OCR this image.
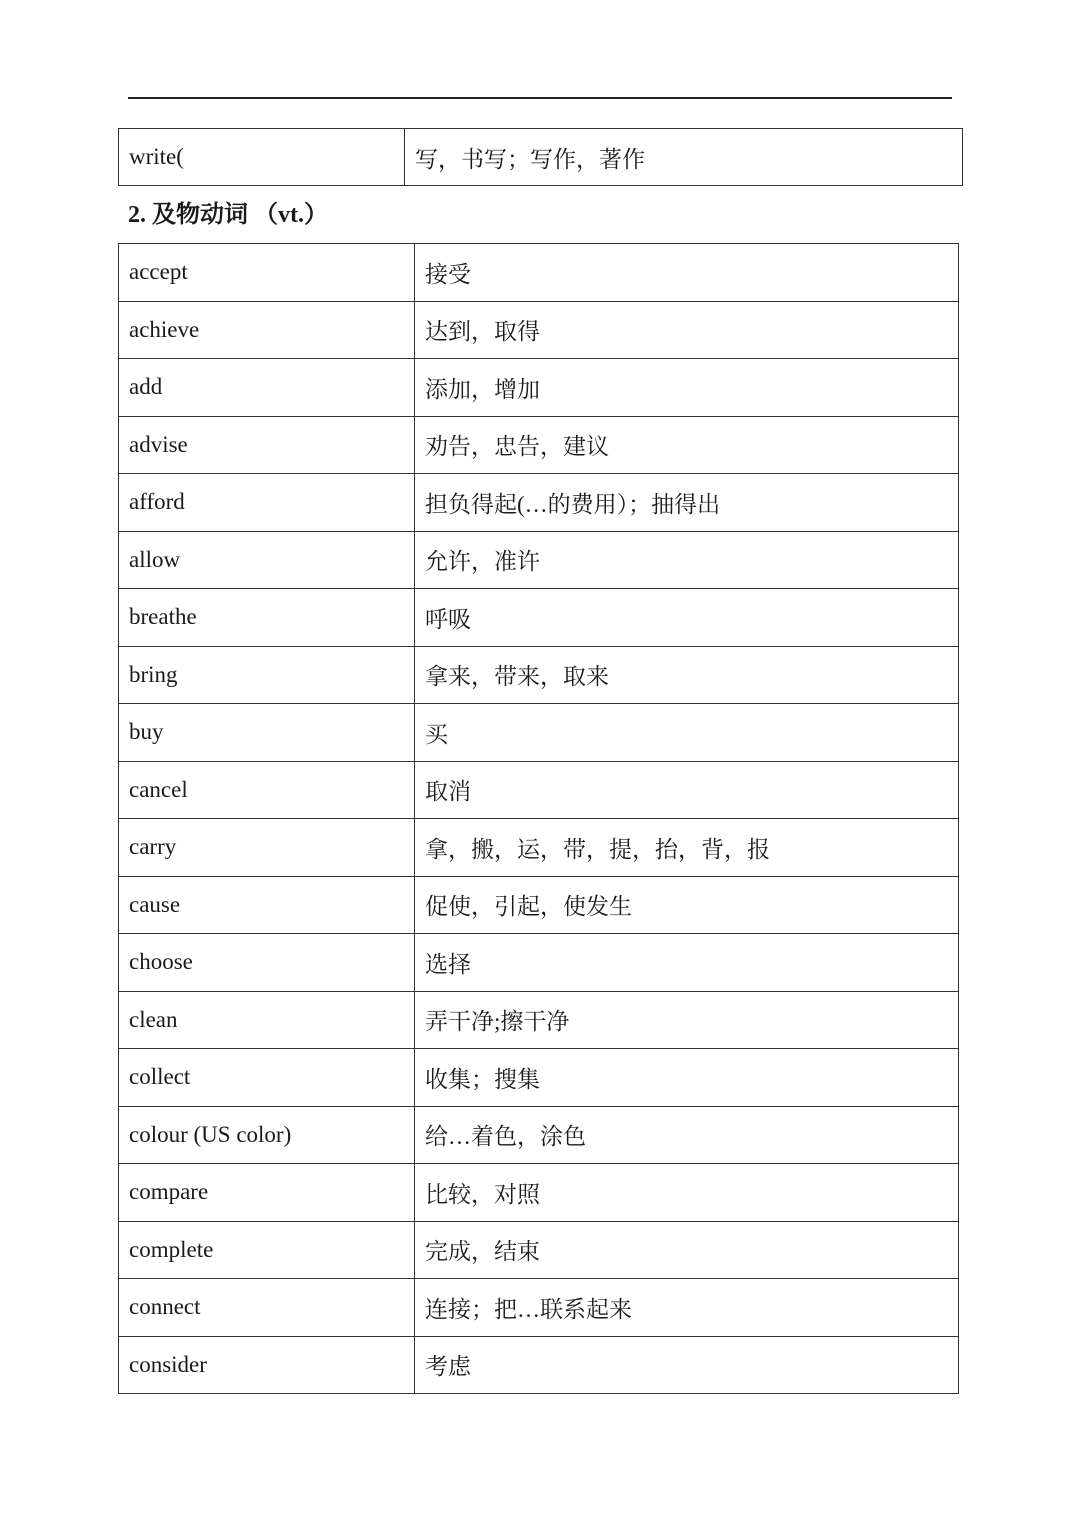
write(	写，书写；写作，著作
2. 及物动词 （vt.）
accept	接受
achieve	达到，取得
add	添加，增加
advise	劝告，忠告，建议
afford	担负得起(…的费用）；抽得出
allow	允许，准许
breathe	呼吸
bring	拿来，带来，取来
buy	买
cancel	取消
carry	拿，搬，运，带，提，抬，背，报
cause	促使，引起，使发生
choose	选择
clean	弄干净;擦干净
collect	收集；搜集
colour (US color)	给…着色，涂色
compare	比较，对照
complete	完成，结束
connect	连接；把…联系起来
consider	考虑
